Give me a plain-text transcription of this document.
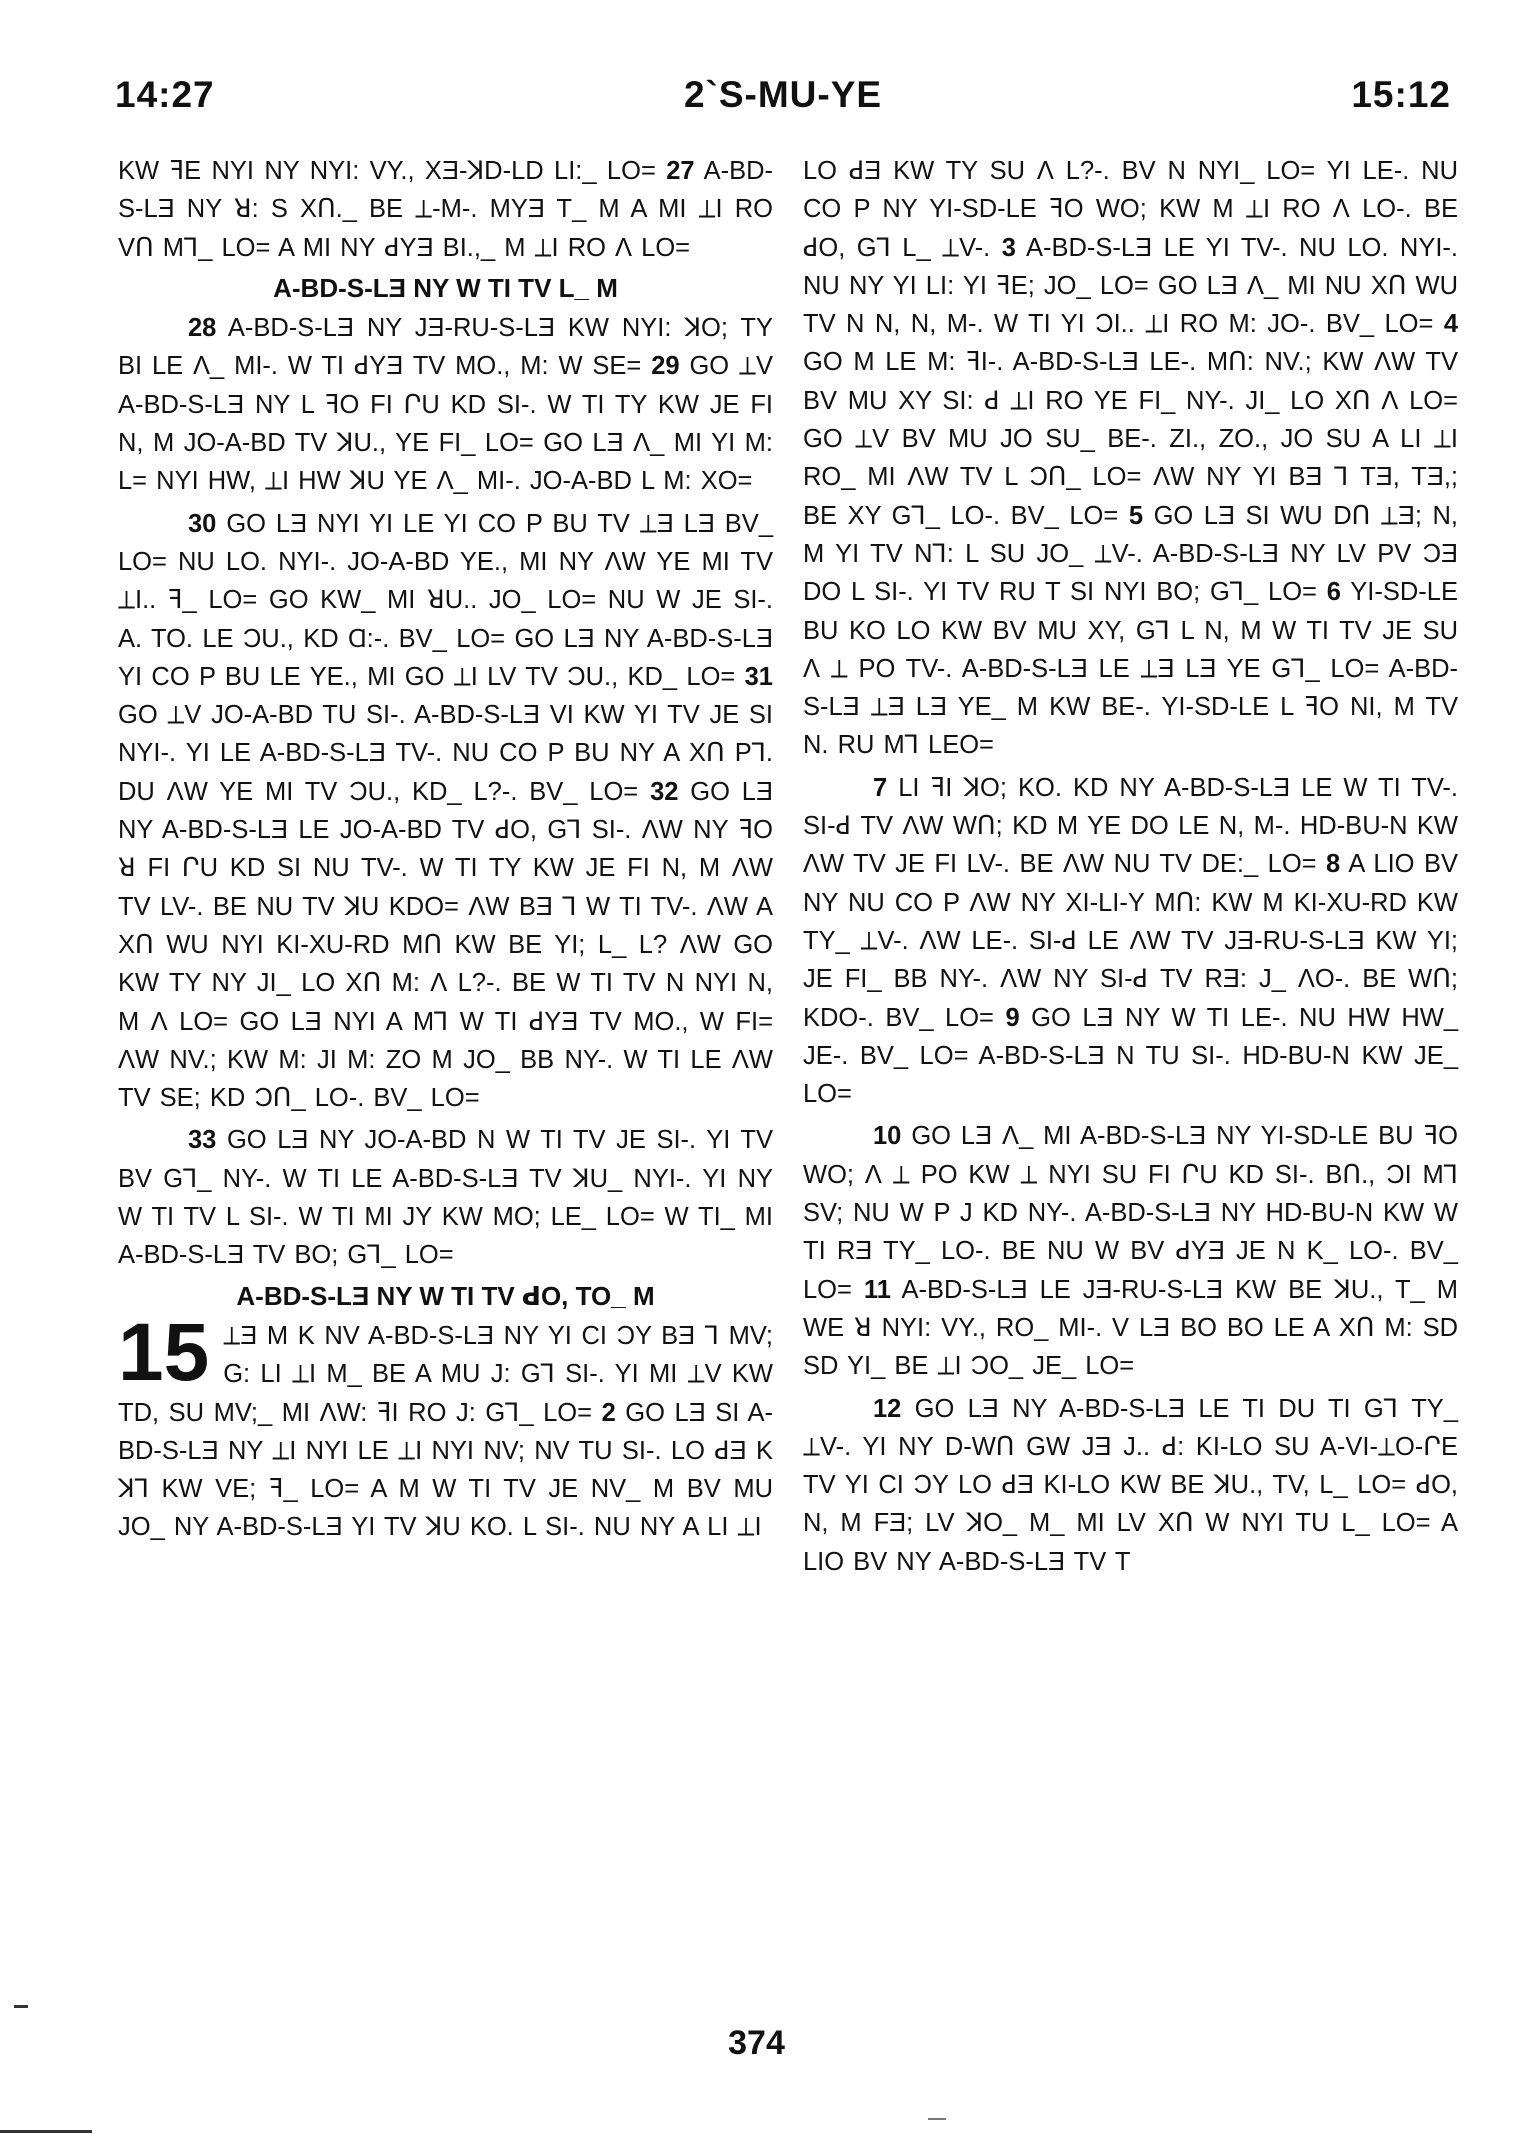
14:27	2`S-MU-YE	15:12

KW ꟻE NYI NY NYI: VY., XƎ-ꓘD-LD LI:_ LO= 27 A-BD-S-LƎ NY ꓤ: S XՈ._ BE ⟂-M-. MYƎ T_ M A MI ⟂I RO VՈ Mꓶ_ LO= A MI NY ꓒYƎ BI.,_ M ⟂I RO Ʌ LO=

A-BD-S-LƎ NY W TI TV L_ M

28 A-BD-S-LƎ NY JƎ-RU-S-LƎ KW NYI: ꓘO; TY BI LE Ʌ_ MI-. W TI ꓒYƎ TV MO., M: W SE= 29 GO ⟂V A-BD-S-LƎ NY L ꟻO FI ՐU KD SI-. W TI TY KW JE FI N, M JO-A-BD TV ꓘU., YE FI_ LO= GO LƎ Ʌ_ MI YI M: L= NYI HW, ⟂I HW ꓘU YE Ʌ_ MI-. JO-A-BD L M: XO=

30 GO LƎ NYI YI LE YI CO P BU TV ⟂Ǝ LƎ BV_ LO= NU LO. NYI-. JO-A-BD YE., MI NY ɅW YE MI TV ⟂I.. ꟻ_ LO= GO KW_ MI ꓤU.. JO_ LO= NU W JE SI-. A. TO. LE ƆU., KD Ɑ:-. BV_ LO= GO LƎ NY A-BD-S-LƎ YI CO P BU LE YE., MI GO ⟂I LV TV ƆU., KD_ LO= 31 GO ⟂V JO-A-BD TU SI-. A-BD-S-LƎ VI KW YI TV JE SI NYI-. YI LE A-BD-S-LƎ TV-. NU CO P BU NY A XՈ Pꓶ. DU ɅW YE MI TV ƆU., KD_ L?-. BV_ LO= 32 GO LƎ NY A-BD-S-LƎ LE JO-A-BD TV ꓒO, Gꓶ SI-. ɅW NY ꟻO ꓤ FI ՐU KD SI NU TV-. W TI TY KW JE FI N, M ɅW TV LV-. BE NU TV ꓘU KDO= ɅW BƎ ꓶ W TI TV-. ɅW A XՈ WU NYI KI-XU-RD MՈ KW BE YI; L_ L? ɅW GO KW TY NY JI_ LO XՈ M: Ʌ L?-. BE W TI TV N NYI N, M Ʌ LO= GO LƎ NYI A Mꓶ W TI ꓒYƎ TV MO., W FI= ɅW NV.; KW M: JI M: ZO M JO_ BB NY-. W TI LE ɅW TV SE; KD ƆՈ_ LO-. BV_ LO=

33 GO LƎ NY JO-A-BD N W TI TV JE SI-. YI TV BV Gꓶ_ NY-. W TI LE A-BD-S-LƎ TV ꓘU_ NYI-. YI NY W TI TV L SI-. W TI MI JY KW MO; LE_ LO= W TI_ MI A-BD-S-LƎ TV BO; Gꓶ_ LO=

A-BD-S-LƎ NY W TI TV ꓒO, TO_ M

15 ⟂Ǝ M K NV A-BD-S-LƎ NY YI CI ƆY BƎ ꓶ MV; G: LI ⟂I M_ BE A MU J: Gꓶ SI-. YI MI ⟂V KW TD, SU MV;_ MI ɅW: ꟻI RO J: Gꓶ_ LO= 2 GO LƎ SI A-BD-S-LƎ NY ⟂I NYI LE ⟂I NYI NV; NV TU SI-. LO ꓒƎ K ꓘꓶ KW VE; ꟻ_ LO= A M W TI TV JE NV_ M BV MU JO_ NY A-BD-S-LƎ YI TV ꓘU KO. L SI-. NU NY A LI ⟂I

LO ꓒƎ KW TY SU Ʌ L?-. BV N NYI_ LO= YI LE-. NU CO P NY YI-SD-LE ꟻO WO; KW M ⟂I RO Ʌ LO-. BE ꓒO, Gꓶ L_ ⟂V-. 3 A-BD-S-LƎ LE YI TV-. NU LO. NYI-. NU NY YI LI: YI ꟻE; JO_ LO= GO LƎ Ʌ_ MI NU XՈ WU TV N N, N, M-. W TI YI ƆI.. ⟂I RO M: JO-. BV_ LO= 4 GO M LE M: ꟻI-. A-BD-S-LƎ LE-. MՈ: NV.; KW ɅW TV BV MU XY SI: ꓒ ⟂I RO YE FI_ NY-. JI_ LO XՈ Ʌ LO= GO ⟂V BV MU JO SU_ BE-. ZI., ZO., JO SU A LI ⟂I RO_ MI ɅW TV L ƆՈ_ LO= ɅW NY YI BƎ ꓶ TƎ, TƎ,; BE XY Gꓶ_ LO-. BV_ LO= 5 GO LƎ SI WU DՈ ⟂Ǝ; N, M YI TV Nꓶ: L SU JO_ ⟂V-. A-BD-S-LƎ NY LV PV ƆƎ DO L SI-. YI TV RU T SI NYI BO; Gꓶ_ LO= 6 YI-SD-LE BU KO LO KW BV MU XY, Gꓶ L N, M W TI TV JE SU Ʌ ⟂ PO TV-. A-BD-S-LƎ LE ⟂Ǝ LƎ YE Gꓶ_ LO= A-BD-S-LƎ ⟂Ǝ LƎ YE_ M KW BE-. YI-SD-LE L ꟻO NI, M TV N. RU Mꓶ LEO=

7 LI ꟻI ꓘO; KO. KD NY A-BD-S-LƎ LE W TI TV-. SI-ꓒ TV ɅW WՈ; KD M YE DO LE N, M-. HD-BU-N KW ɅW TV JE FI LV-. BE ɅW NU TV DE:_ LO= 8 A LIO BV NY NU CO P ɅW NY XI-LI-Y MՈ: KW M KI-XU-RD KW TY_ ⟂V-. ɅW LE-. SI-ꓒ LE ɅW TV JƎ-RU-S-LƎ KW YI; JE FI_ BB NY-. ɅW NY SI-ꓒ TV RƎ: J_ ɅO-. BE WՈ; KDO-. BV_ LO= 9 GO LƎ NY W TI LE-. NU HW HW_ JE-. BV_ LO= A-BD-S-LƎ N TU SI-. HD-BU-N KW JE_ LO=

10 GO LƎ Ʌ_ MI A-BD-S-LƎ NY YI-SD-LE BU ꟻO WO; Ʌ ⟂ PO KW ⟂ NYI SU FI ՐU KD SI-. BՈ., ƆI Mꓶ SV; NU W P J KD NY-. A-BD-S-LƎ NY HD-BU-N KW W TI RƎ TY_ LO-. BE NU W BV ꓒYƎ JE N K_ LO-. BV_ LO= 11 A-BD-S-LƎ LE JƎ-RU-S-LƎ KW BE ꓘU., T_ M WE ꓤ NYI: VY., RO_ MI-. V LƎ BO BO LE A XՈ M: SD SD YI_ BE ⟂I ƆO_ JE_ LO=

12 GO LƎ NY A-BD-S-LƎ LE TI DU TI Gꓶ TY_ ⟂V-. YI NY D-WՈ GW JƎ J.. ꓒ: KI-LO SU A-VI-⟂O-ՐE TV YI CI ƆY LO ꓒƎ KI-LO KW BE ꓘU., TV, L_ LO= ꓒO, N, M FƎ; LV ꓘO_ M_ MI LV XՈ W NYI TU L_ LO= A LIO BV NY A-BD-S-LƎ TV T

374
